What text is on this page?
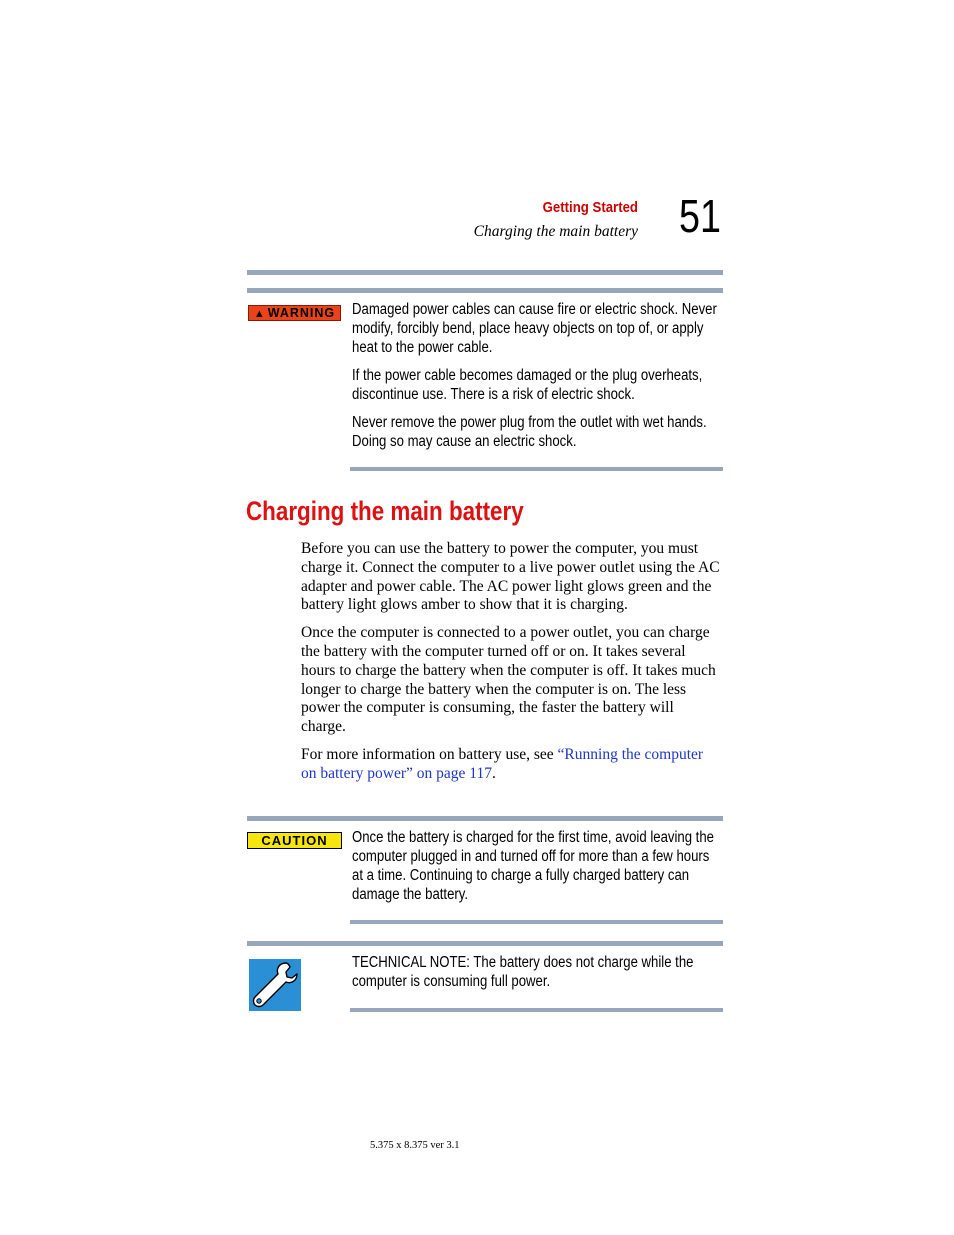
Getting Started
Charging the main battery 51
▲ WARNING	Damaged power cables can cause fire or electric shock. Never modify, forcibly bend, place heavy objects on top of, or apply heat to the power cable.

If the power cable becomes damaged or the plug overheats, discontinue use. There is a risk of electric shock.

Never remove the power plug from the outlet with wet hands. Doing so may cause an electric shock.

Charging the main battery

Before you can use the battery to power the computer, you must charge it. Connect the computer to a live power outlet using the AC adapter and power cable. The AC power light glows green and the battery light glows amber to show that it is charging.

Once the computer is connected to a power outlet, you can charge the battery with the computer turned off or on. It takes several hours to charge the battery when the computer is off. It takes much longer to charge the battery when the computer is on. The less power the computer is consuming, the faster the battery will charge.

For more information on battery use, see “Running the computer on battery power” on page 117.

CAUTION	Once the battery is charged for the first time, avoid leaving the computer plugged in and turned off for more than a few hours at a time. Continuing to charge a fully charged battery can damage the battery.

TECHNICAL NOTE: The battery does not charge while the computer is consuming full power.

5.375 x 8.375 ver 3.1
